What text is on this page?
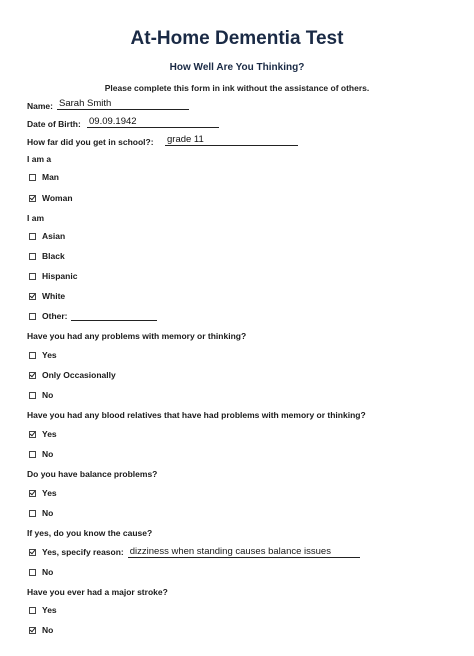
At-Home Dementia Test
How Well Are You Thinking?
Please complete this form in ink without the assistance of others.
Name: Sarah Smith
Date of Birth: 09.09.1942
How far did you get in school?: grade 11
I am a
Man
Woman
I am
Asian
Black
Hispanic
White
Other:
Have you had any problems with memory or thinking?
Yes
Only Occasionally
No
Have you had any blood relatives that have had problems with memory or thinking?
Yes
No
Do you have balance problems?
Yes
No
If yes, do you know the cause?
Yes, specify reason: dizziness when standing causes balance issues
No
Have you ever had a major stroke?
Yes
No
